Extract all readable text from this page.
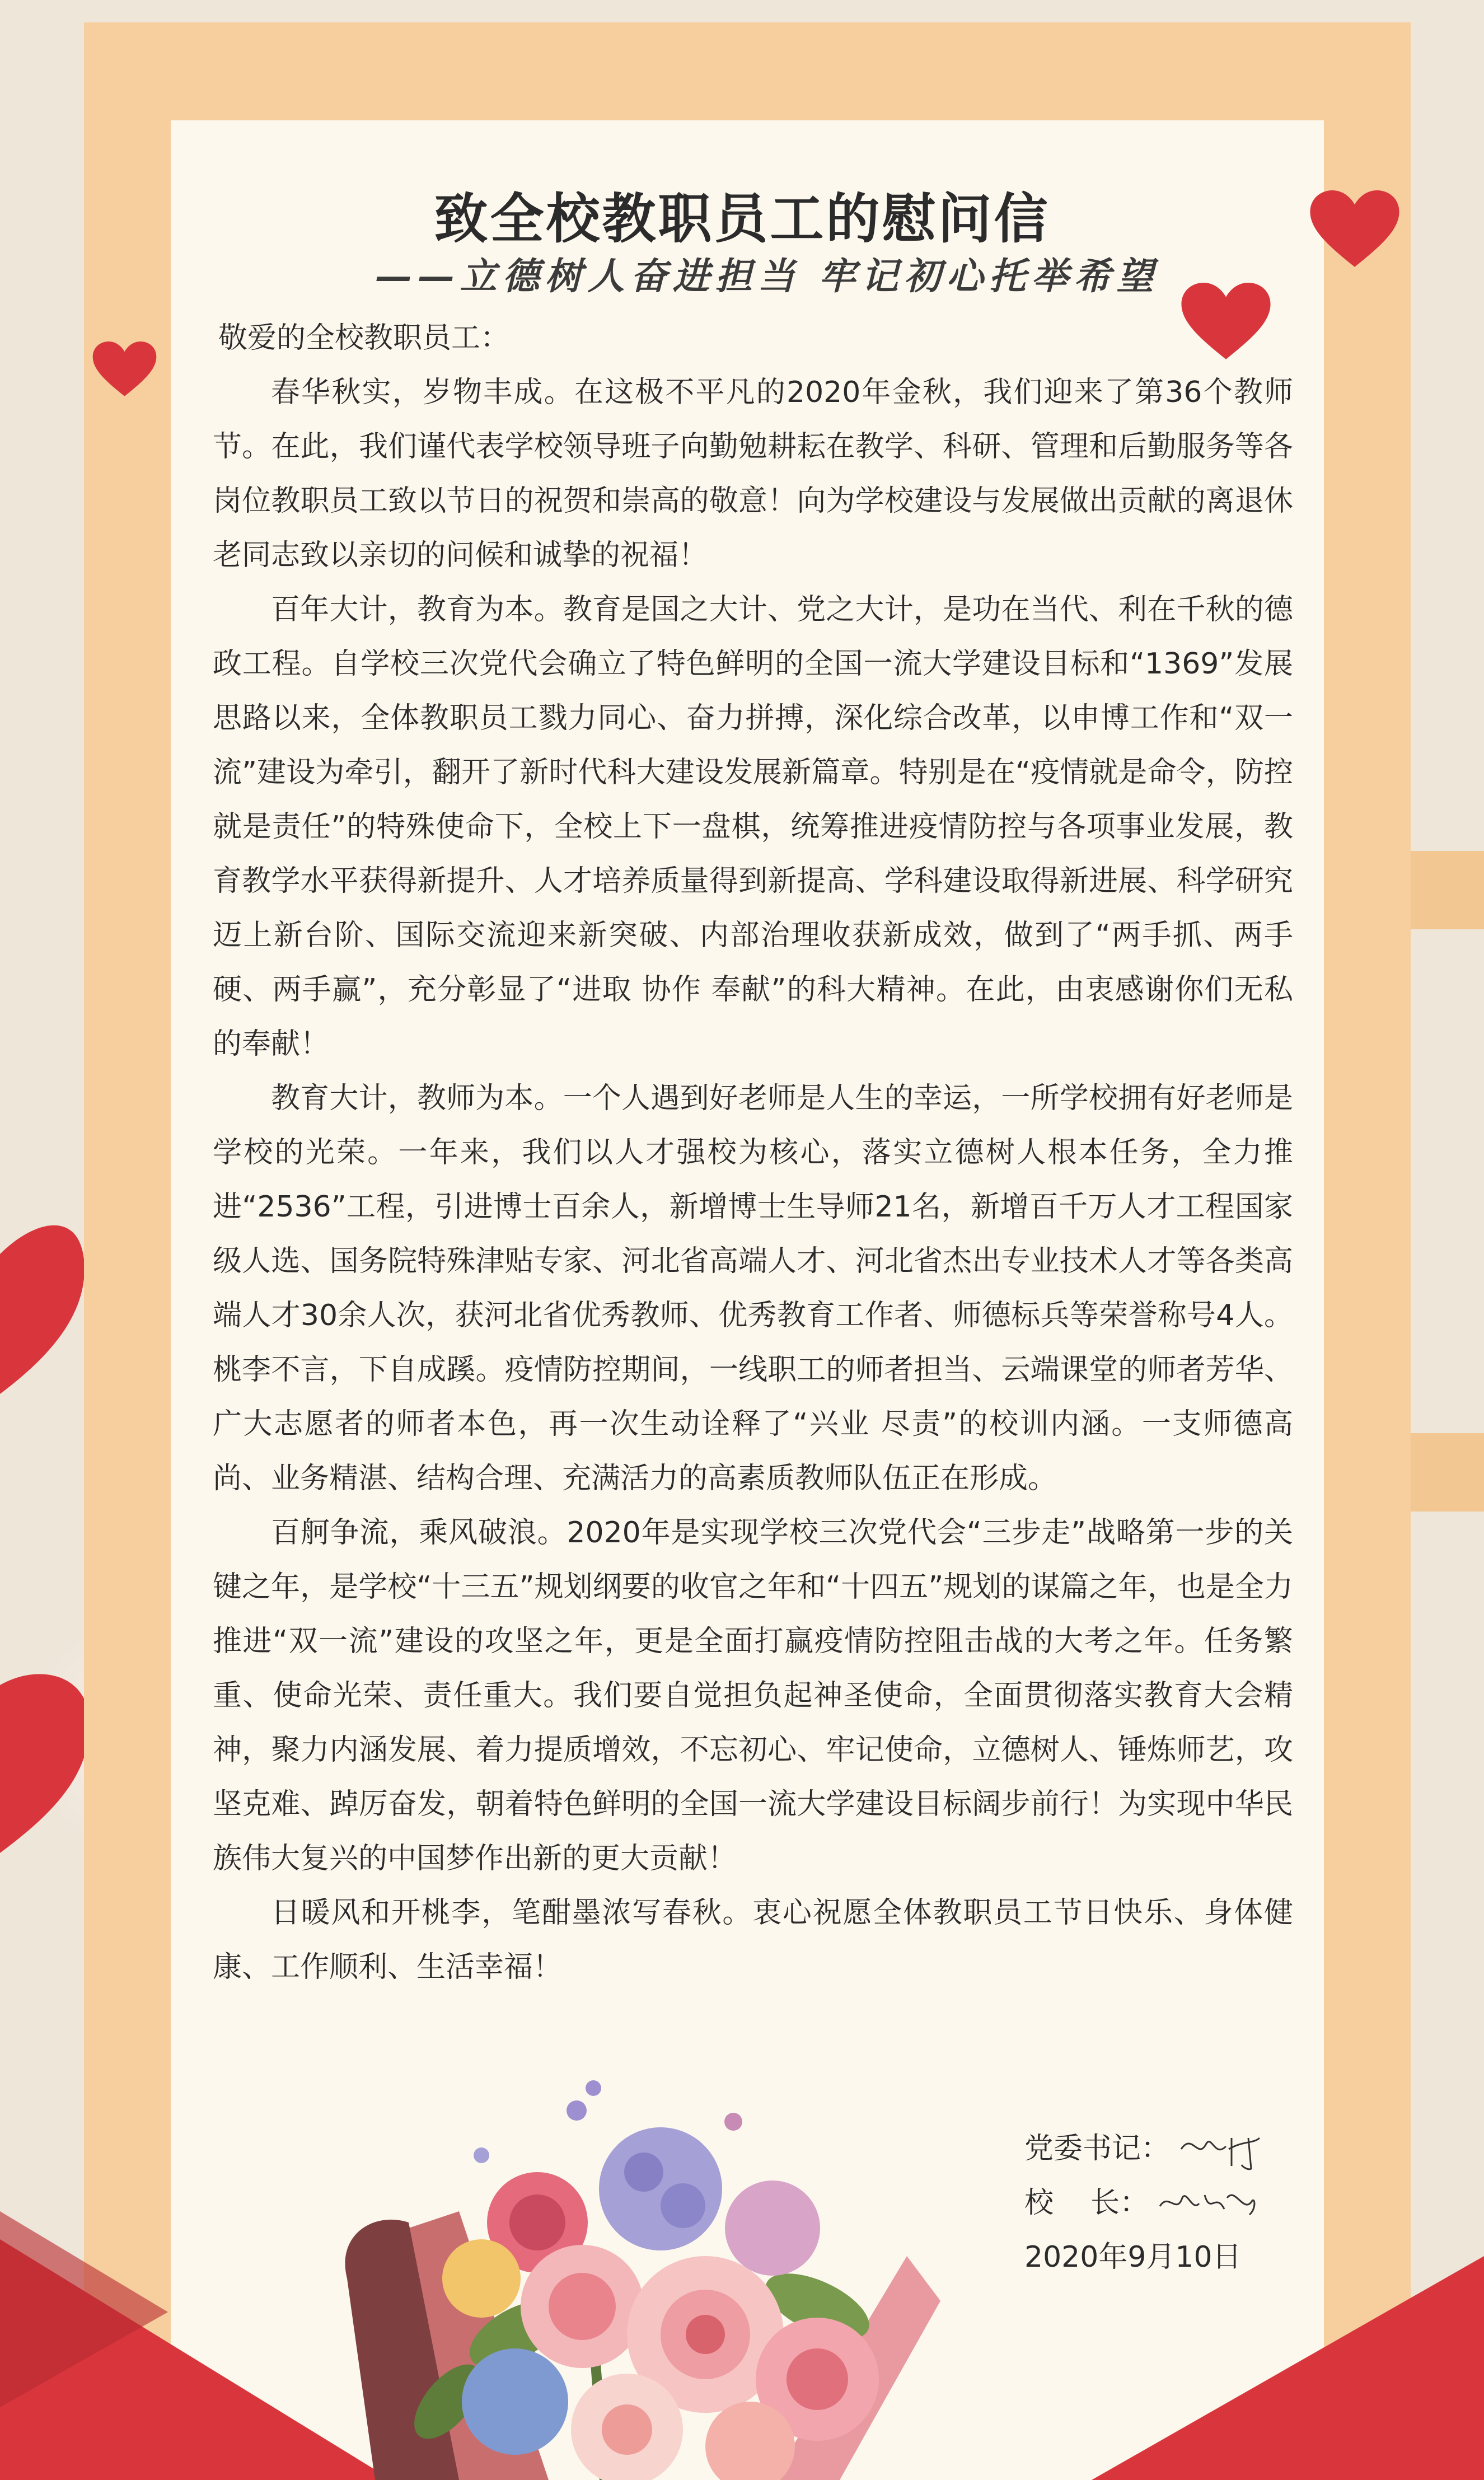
致全校教职员工的慰问信
——立德树人奋进担当 牢记初心托举希望

敬爱的全校教职员工：

春华秋实，岁物丰成。在这极不平凡的2020年金秋，我们迎来了第36个教师节。在此，我们谨代表学校领导班子向勤勉耕耘在教学、科研、管理和后勤服务等各岗位教职员工致以节日的祝贺和崇高的敬意！向为学校建设与发展做出贡献的离退休老同志致以亲切的问候和诚挚的祝福！

百年大计，教育为本。教育是国之大计、党之大计，是功在当代、利在千秋的德政工程。自学校三次党代会确立了特色鲜明的全国一流大学建设目标和“1369”发展思路以来，全体教职员工戮力同心、奋力拼搏，深化综合改革，以申博工作和“双一流”建设为牵引，翻开了新时代科大建设发展新篇章。特别是在“疫情就是命令，防控就是责任”的特殊使命下，全校上下一盘棋，统筹推进疫情防控与各项事业发展，教育教学水平获得新提升、人才培养质量得到新提高、学科建设取得新进展、科学研究迈上新台阶、国际交流迎来新突破、内部治理收获新成效，做到了“两手抓、两手硬、两手赢”，充分彰显了“进取 协作 奉献”的科大精神。在此，由衷感谢你们无私的奉献！

教育大计，教师为本。一个人遇到好老师是人生的幸运，一所学校拥有好老师是学校的光荣。一年来，我们以人才强校为核心，落实立德树人根本任务，全力推进“2536”工程，引进博士百余人，新增博士生导师21名，新增百千万人才工程国家级人选、国务院特殊津贴专家、河北省高端人才、河北省杰出专业技术人才等各类高端人才30余人次，获河北省优秀教师、优秀教育工作者、师德标兵等荣誉称号4人。桃李不言，下自成蹊。疫情防控期间，一线职工的师者担当、云端课堂的师者芳华、广大志愿者的师者本色，再一次生动诠释了“兴业 尽责”的校训内涵。一支师德高尚、业务精湛、结构合理、充满活力的高素质教师队伍正在形成。

百舸争流，乘风破浪。2020年是实现学校三次党代会“三步走”战略第一步的关键之年，是学校“十三五”规划纲要的收官之年和“十四五”规划的谋篇之年，也是全力推进“双一流”建设的攻坚之年，更是全面打赢疫情防控阻击战的大考之年。任务繁重、使命光荣、责任重大。我们要自觉担负起神圣使命，全面贯彻落实教育大会精神，聚力内涵发展、着力提质增效，不忘初心、牢记使命，立德树人、锤炼师艺，攻坚克难、踔厉奋发，朝着特色鲜明的全国一流大学建设目标阔步前行！为实现中华民族伟大复兴的中国梦作出新的更大贡献！

日暖风和开桃李，笔酣墨浓写春秋。衷心祝愿全体教职员工节日快乐、身体健康、工作顺利、生活幸福！

党委书记：
校    长：
2020年9月10日
